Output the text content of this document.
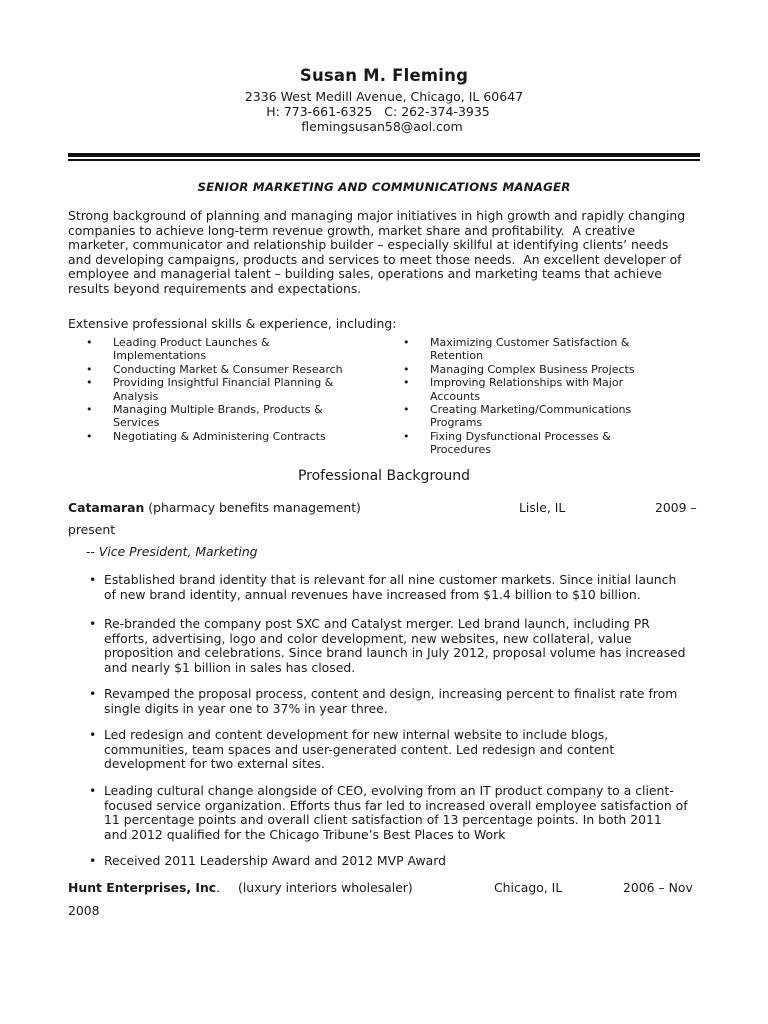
Susan M. Fleming
2336 West Medill Avenue, Chicago, IL 60647
H: 773-661-6325   C: 262-374-3935
flemingsusan58@aol.com
SENIOR MARKETING AND COMMUNICATIONS MANAGER
Strong background of planning and managing major initiatives in high growth and rapidly changing
companies to achieve long-term revenue growth, market share and profitability.  A creative
marketer, communicator and relationship builder – especially skillful at identifying clients’ needs
and developing campaigns, products and services to meet those needs.  An excellent developer of
employee and managerial talent – building sales, operations and marketing teams that achieve
results beyond requirements and expectations.
Extensive professional skills & experience, including:
• Leading Product Launches &
Implementations
• Conducting Market & Consumer Research
• Providing Insightful Financial Planning &
Analysis
• Managing Multiple Brands, Products &
Services
• Negotiating & Administering Contracts
• Maximizing Customer Satisfaction &
Retention
• Managing Complex Business Projects
• Improving Relationships with Major
Accounts
• Creating Marketing/Communications
Programs
• Fixing Dysfunctional Processes &
Procedures
Professional Background
Catamaran (pharmacy benefits management)	Lisle, IL	2009 –
present
-- Vice President, Marketing
• Established brand identity that is relevant for all nine customer markets. Since initial launch
of new brand identity, annual revenues have increased from $1.4 billion to $10 billion.
• Re-branded the company post SXC and Catalyst merger. Led brand launch, including PR
efforts, advertising, logo and color development, new websites, new collateral, value
proposition and celebrations. Since brand launch in July 2012, proposal volume has increased
and nearly $1 billion in sales has closed.
• Revamped the proposal process, content and design, increasing percent to finalist rate from
single digits in year one to 37% in year three.
• Led redesign and content development for new internal website to include blogs,
communities, team spaces and user-generated content. Led redesign and content
development for two external sites.
• Leading cultural change alongside of CEO, evolving from an IT product company to a client-
focused service organization. Efforts thus far led to increased overall employee satisfaction of
11 percentage points and overall client satisfaction of 13 percentage points. In both 2011
and 2012 qualified for the Chicago Tribune’s Best Places to Work
• Received 2011 Leadership Award and 2012 MVP Award
Hunt Enterprises, Inc. (luxury interiors wholesaler)	Chicago, IL	2006 – Nov
2008
